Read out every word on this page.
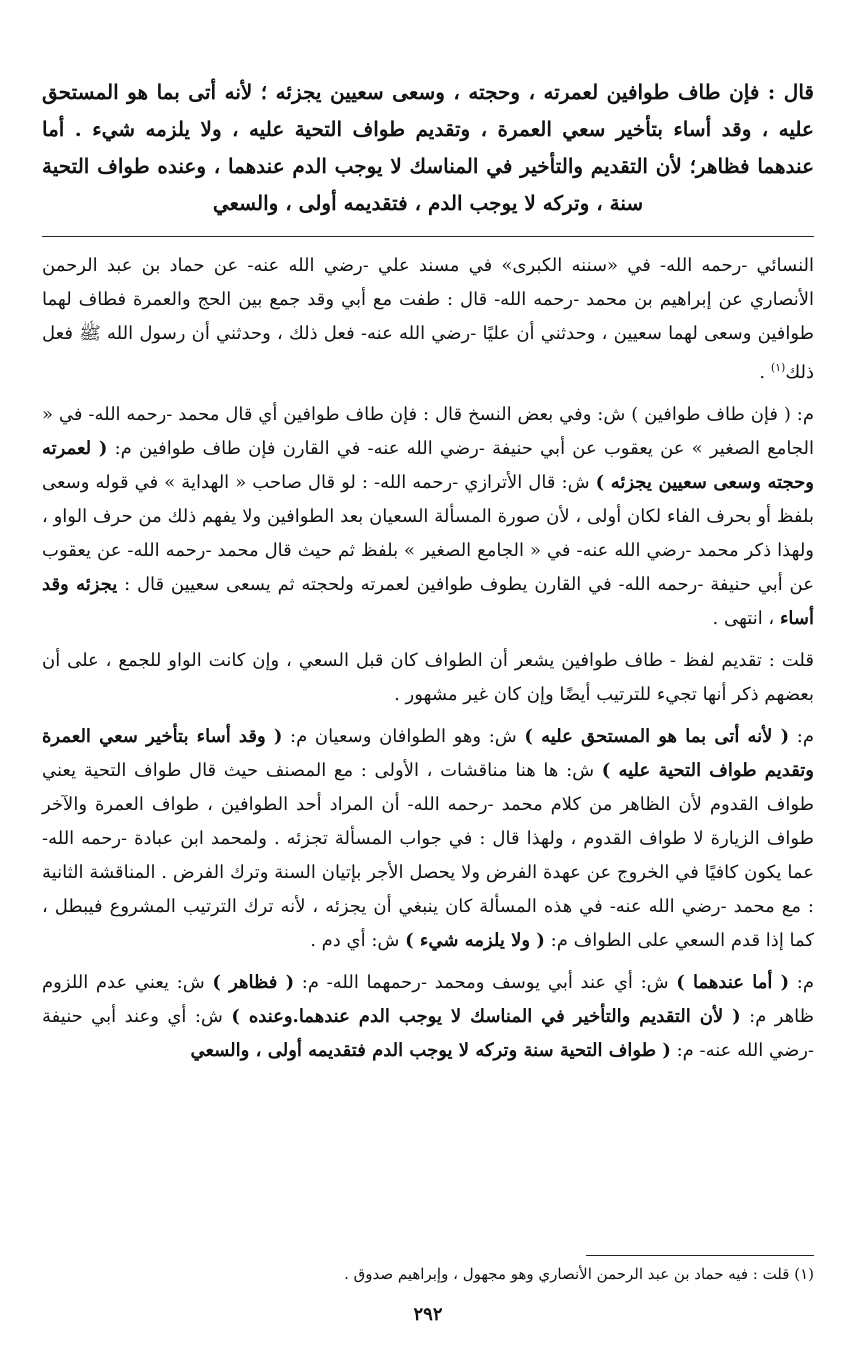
قال : فإن طاف طوافين لعمرته ، وحجته ، وسعى سعيين يجزئه ؛ لأنه أتى بما هو المستحق عليه ، وقد أساء بتأخير سعي العمرة ، وتقديم طواف التحية عليه ، ولا يلزمه شيء . أما عندهما فظاهر؛ لأن التقديم والتأخير في المناسك لا يوجب الدم عندهما ، وعنده طواف التحية سنة ، وتركه لا يوجب الدم ، فتقديمه أولى ، والسعي

النسائي -رحمه الله- في «سننه الكبرى» في مسند علي -رضي الله عنه- عن حماد بن عبد الرحمن الأنصاري عن إبراهيم بن محمد -رحمه الله- قال : طفت مع أبي وقد جمع بين الحج والعمرة فطاف لهما طوافين وسعى لهما سعيين ، وحدثني أن عليًا -رضي الله عنه- فعل ذلك ، وحدثني أن رسول الله ﷺ فعل ذلك$^{(١)}$ .

م: ( فإن طاف طوافين ) ش: وفي بعض النسخ قال : فإن طاف طوافين أي قال محمد -رحمه الله- في « الجامع الصغير » عن يعقوب عن أبي حنيفة -رضي الله عنه- في القارن فإن طاف طوافين م: ( لعمرته وحجته وسعى سعيين يجزئه ) ش: قال الأترازي -رحمه الله- : لو قال صاحب « الهداية » في قوله وسعى بلفظ أو بحرف الفاء لكان أولى ، لأن صورة المسألة السعيان بعد الطوافين ولا يفهم ذلك من حرف الواو ، ولهذا ذكر محمد -رضي الله عنه- في « الجامع الصغير » بلفظ ثم حيث قال محمد -رحمه الله- عن يعقوب عن أبي حنيفة -رحمه الله- في القارن يطوف طوافين لعمرته ولحجته ثم يسعى سعيين قال : يجزئه وقد أساء ، انتهى .

قلت : تقديم لفظ - طاف طوافين يشعر أن الطواف كان قبل السعي ، وإن كانت الواو للجمع ، على أن بعضهم ذكر أنها تجيء للترتيب أيضًا وإن كان غير مشهور .

م: ( لأنه أتى بما هو المستحق عليه ) ش: وهو الطوافان وسعيان م: ( وقد أساء بتأخير سعي العمرة وتقديم طواف التحية عليه ) ش: ها هنا مناقشات ، الأولى : مع المصنف حيث قال طواف التحية يعني طواف القدوم لأن الظاهر من كلام محمد -رحمه الله- أن المراد أحد الطوافين ، طواف العمرة والآخر طواف الزيارة لا طواف القدوم ، ولهذا قال : في جواب المسألة تجزئه . ولمحمد ابن عبادة -رحمه الله- عما يكون كافيًا في الخروج عن عهدة الفرض ولا يحصل الأجر بإتيان السنة وترك الفرض . المناقشة الثانية : مع محمد -رضي الله عنه- في هذه المسألة كان ينبغي أن يجزئه ، لأنه ترك الترتيب المشروع فيبطل ، كما إذا قدم السعي على الطواف م: ( ولا يلزمه شيء ) ش: أي دم .

م: ( أما عندهما ) ش: أي عند أبي يوسف ومحمد -رحمهما الله- م: ( فظاهر ) ش: يعني عدم اللزوم ظاهر م: ( لأن التقديم والتأخير في المناسك لا يوجب الدم عندهما.وعنده ) ش: أي وعند أبي حنيفة -رضي الله عنه- م: ( طواف التحية سنة وتركه لا يوجب الدم فتقديمه أولى ، والسعي

(١) قلت : فيه حماد بن عبد الرحمن الأنصاري وهو مجهول ، وإبراهيم صدوق .

٢٩٢
